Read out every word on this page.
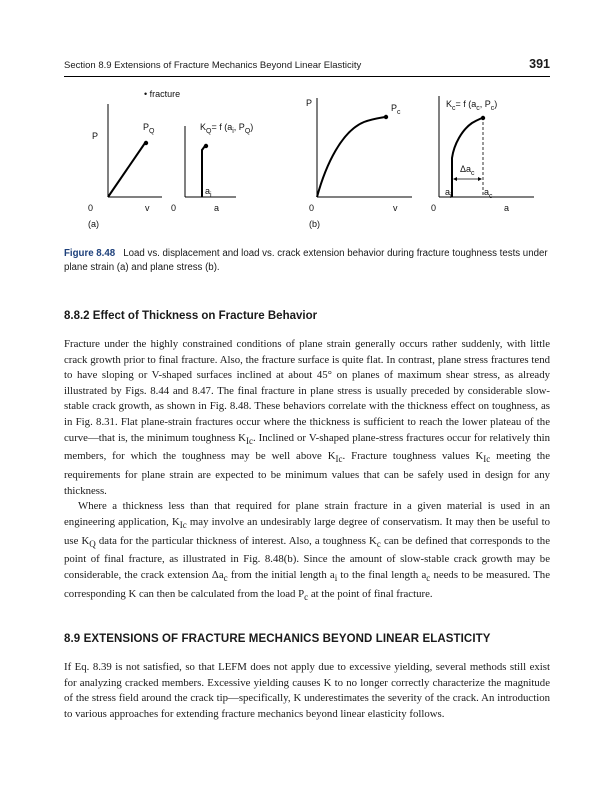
Section 8.9 Extensions of Fracture Mechanics Beyond Linear Elasticity	391
• fracture
P
$P_Q$
0	v
(a)
$K_Q= f$ ($a_i$, $P_Q$)
$a_i$
0	a
P	$P_c$
0	v
(b)
$K_c= f$ ($a_c$, $P_c$)
$\Delta a_c$
$a_i$	$a_c$
0	a
Figure 8.48 Load vs. displacement and load vs. crack extension behavior during fracture toughness tests under plane strain (a) and plane stress (b).
8.8.2 Effect of Thickness on Fracture Behavior

Fracture under the highly constrained conditions of plane strain generally occurs rather suddenly, with little crack growth prior to final fracture. Also, the fracture surface is quite flat. In contrast, plane stress fractures tend to have sloping or V-shaped surfaces inclined at about 45° on planes of maximum shear stress, as already illustrated by Figs. 8.44 and 8.47. The final fracture in plane stress is usually preceded by considerable slow-stable crack growth, as shown in Fig. 8.48. These behaviors correlate with the thickness effect on toughness, as in Fig. 8.31. Flat plane-strain fractures occur where the thickness is sufficient to reach the lower plateau of the curve—that is, the minimum toughness $K_{Ic}$. Inclined or V-shaped plane-stress fractures occur for relatively thin members, for which the toughness may be well above $K_{Ic}$. Fracture toughness values $K_{Ic}$ meeting the requirements for plane strain are expected to be minimum values that can be safely used in design for any thickness.

Where a thickness less than that required for plane strain fracture in a given material is used in an engineering application, $K_{Ic}$ may involve an undesirably large degree of conservatism. It may then be useful to use $K_Q$ data for the particular thickness of interest. Also, a toughness $K_c$ can be defined that corresponds to the point of final fracture, as illustrated in Fig. 8.48(b). Since the amount of slow-stable crack growth may be considerable, the crack extension $\Delta a_c$ from the initial length $a_i$ to the final length $a_c$ needs to be measured. The corresponding K can then be calculated from the load $P_c$ at the point of final fracture.

8.9 EXTENSIONS OF FRACTURE MECHANICS BEYOND LINEAR ELASTICITY

If Eq. 8.39 is not satisfied, so that LEFM does not apply due to excessive yielding, several methods still exist for analyzing cracked members. Excessive yielding causes K to no longer correctly characterize the magnitude of the stress field around the crack tip—specifically, K underestimates the severity of the crack. An introduction to various approaches for extending fracture mechanics beyond linear elasticity follows.
